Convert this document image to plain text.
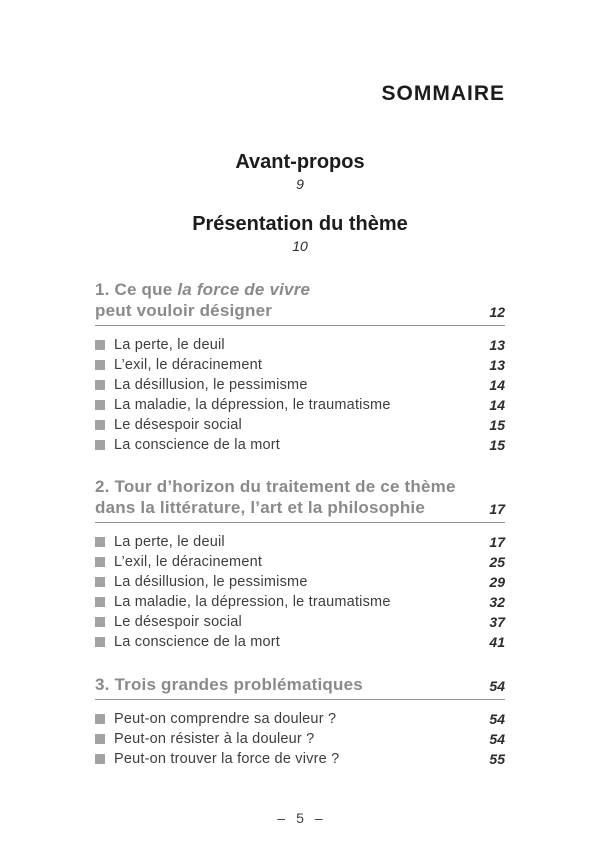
SOMMAIRE
Avant-propos
9
Présentation du thème
10
1. Ce que la force de vivre
peut vouloir désigner	12
La perte, le deuil	13
L’exil, le déracinement	13
La désillusion, le pessimisme	14
La maladie, la dépression, le traumatisme	14
Le désespoir social	15
La conscience de la mort	15
2. Tour d’horizon du traitement de ce thème
dans la littérature, l’art et la philosophie	17
La perte, le deuil	17
L’exil, le déracinement	25
La désillusion, le pessimisme	29
La maladie, la dépression, le traumatisme	32
Le désespoir social	37
La conscience de la mort	41
3. Trois grandes problématiques	54
Peut-on comprendre sa douleur ?	54
Peut-on résister à la douleur ?	54
Peut-on trouver la force de vivre ?	55
– 5 –
